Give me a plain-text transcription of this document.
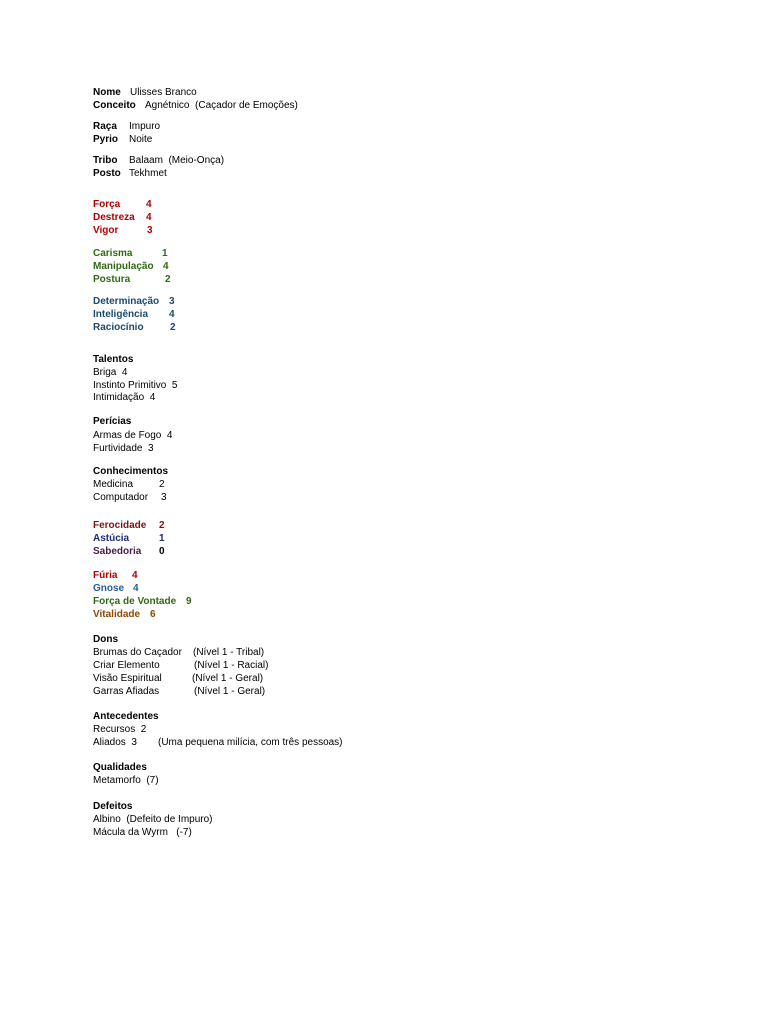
Nome Ulisses Branco
Conceito Agnétnico  (Caçador de Emoções)
Raça Impuro
Pyrio Noite
Tribo Balaam  (Meio-Onça)
Posto Tekhmet
Força	4
Destreza 4
Vigor	3
Carisma	1
Manipulação 4
Postura	2
Determinação 3
Inteligência 4
Raciocínio	2
Talentos
Briga  4
Instinto Primitivo  5
Intimidação  4
Perícias
Armas de Fogo  4
Furtividade  3
Conhecimentos
Medicina	2
Computador 3
Ferocidade 2
Astúcia	1
Sabedoria 0
Fúria 4
Gnose 4
Força de Vontade 9
Vitalidade 6
Dons
Brumas do Caçador (Nível 1 - Tribal)
Criar Elemento	(Nível 1 - Racial)
Visão Espiritual	(Nível 1 - Geral)
Garras Afiadas	(Nível 1 - Geral)
Antecedentes
Recursos  2
Aliados  3 (Uma pequena milícia, com três pessoas)
Qualidades
Metamorfo  (7)
Defeitos
Albino  (Defeito de Impuro)
Mácula da Wyrm   (-7)
